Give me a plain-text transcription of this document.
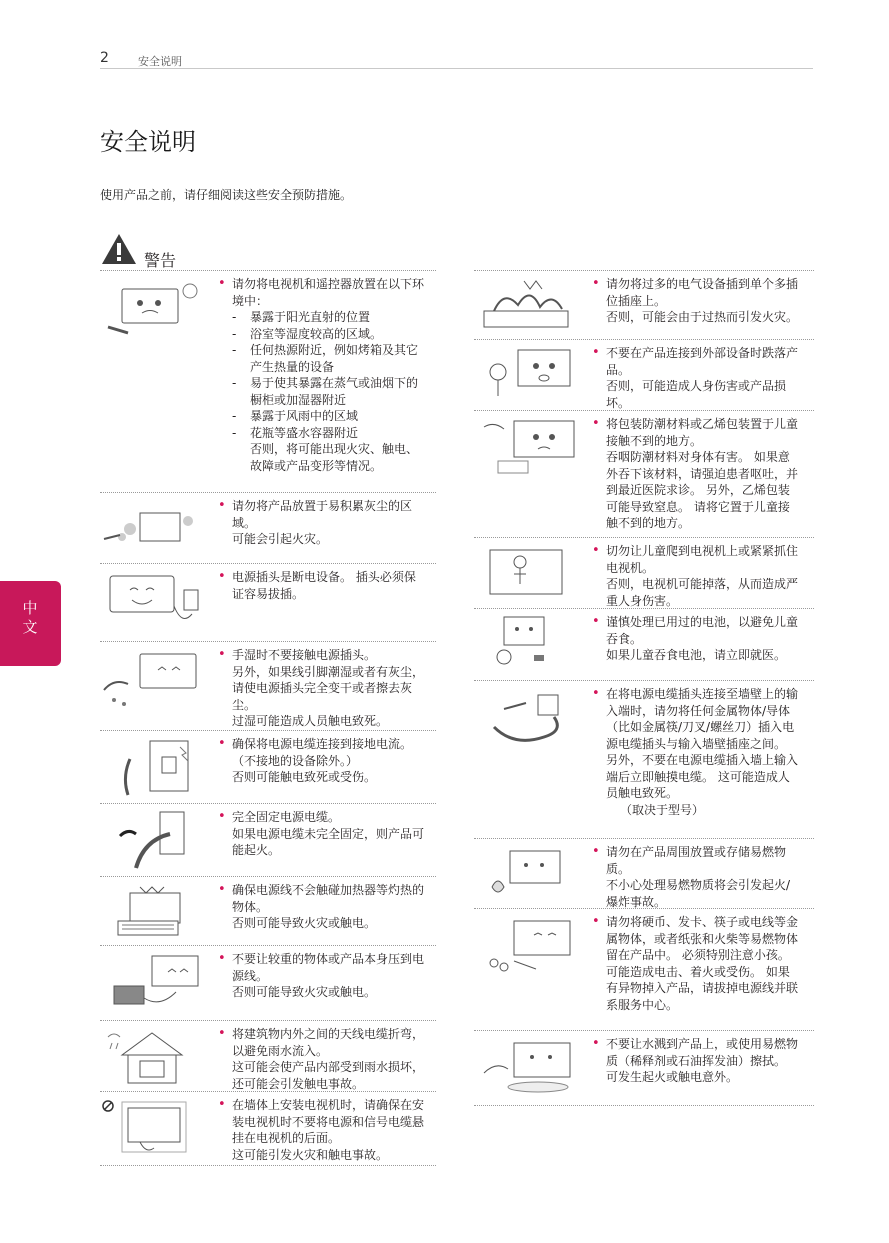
2	安全说明
安全说明
使用产品之前，请仔细阅读这些安全预防措施。
警告
中文
• 请勿将电视机和遥控器放置在以下环境中：
- 暴露于阳光直射的位置
- 浴室等湿度较高的区域。
- 任何热源附近，例如烤箱及其它产生热量的设备
- 易于使其暴露在蒸气或油烟下的橱柜或加湿器附近
- 暴露于风雨中的区域
- 花瓶等盛水容器附近
否则，将可能出现火灾、触电、故障或产品变形等情况。
• 请勿将产品放置于易积累灰尘的区域。
可能会引起火灾。
• 电源插头是断电设备。 插头必须保证容易拔插。
• 手湿时不要接触电源插头。
另外，如果线引脚潮湿或者有灰尘，请使电源插头完全变干或者擦去灰尘。
过湿可能造成人员触电致死。
• 确保将电源电缆连接到接地电流。 （不接地的设备除外。）
否则可能触电致死或受伤。
• 完全固定电源电缆。
如果电源电缆未完全固定，则产品可能起火。
• 确保电源线不会触碰加热器等灼热的物体。
否则可能导致火灾或触电。
• 不要让较重的物体或产品本身压到电源线。
否则可能导致火灾或触电。
• 将建筑物内外之间的天线电缆折弯，以避免雨水流入。
这可能会使产品内部受到雨水损坏，还可能会引发触电事故。
• 在墙体上安装电视机时，请确保在安装电视机时不要将电源和信号电缆悬挂在电视机的后面。
这可能引发火灾和触电事故。
• 请勿将过多的电气设备插到单个多插位插座上。
否则，可能会由于过热而引发火灾。
• 不要在产品连接到外部设备时跌落产品。
否则，可能造成人身伤害或产品损坏。
• 将包装防潮材料或乙烯包装置于儿童接触不到的地方。
吞咽防潮材料对身体有害。 如果意外吞下该材料，请强迫患者呕吐，并到最近医院求诊。 另外，乙烯包装可能导致窒息。 请将它置于儿童接触不到的地方。
• 切勿让儿童爬到电视机上或紧紧抓住电视机。
否则，电视机可能掉落，从而造成严重人身伤害。
• 谨慎处理已用过的电池，以避免儿童吞食。
如果儿童吞食电池，请立即就医。
• 在将电源电缆插头连接至墙壁上的输入端时，请勿将任何金属物体/导体（比如金属筷/刀叉/螺丝刀）插入电源电缆插头与输入墙壁插座之间。 另外，不要在电源电缆插入墙上输入端后立即触摸电缆。 这可能造成人员触电致死。
（取决于型号）
• 请勿在产品周围放置或存储易燃物质。
不小心处理易燃物质将会引发起火/爆炸事故。
• 请勿将硬币、发卡、筷子或电线等金属物体，或者纸张和火柴等易燃物体留在产品中。 必须特别注意小孩。
可能造成电击、着火或受伤。 如果有异物掉入产品，请拔掉电源线并联系服务中心。
• 不要让水溅到产品上，或使用易燃物质（稀释剂或石油挥发油）擦拭。 可发生起火或触电意外。
